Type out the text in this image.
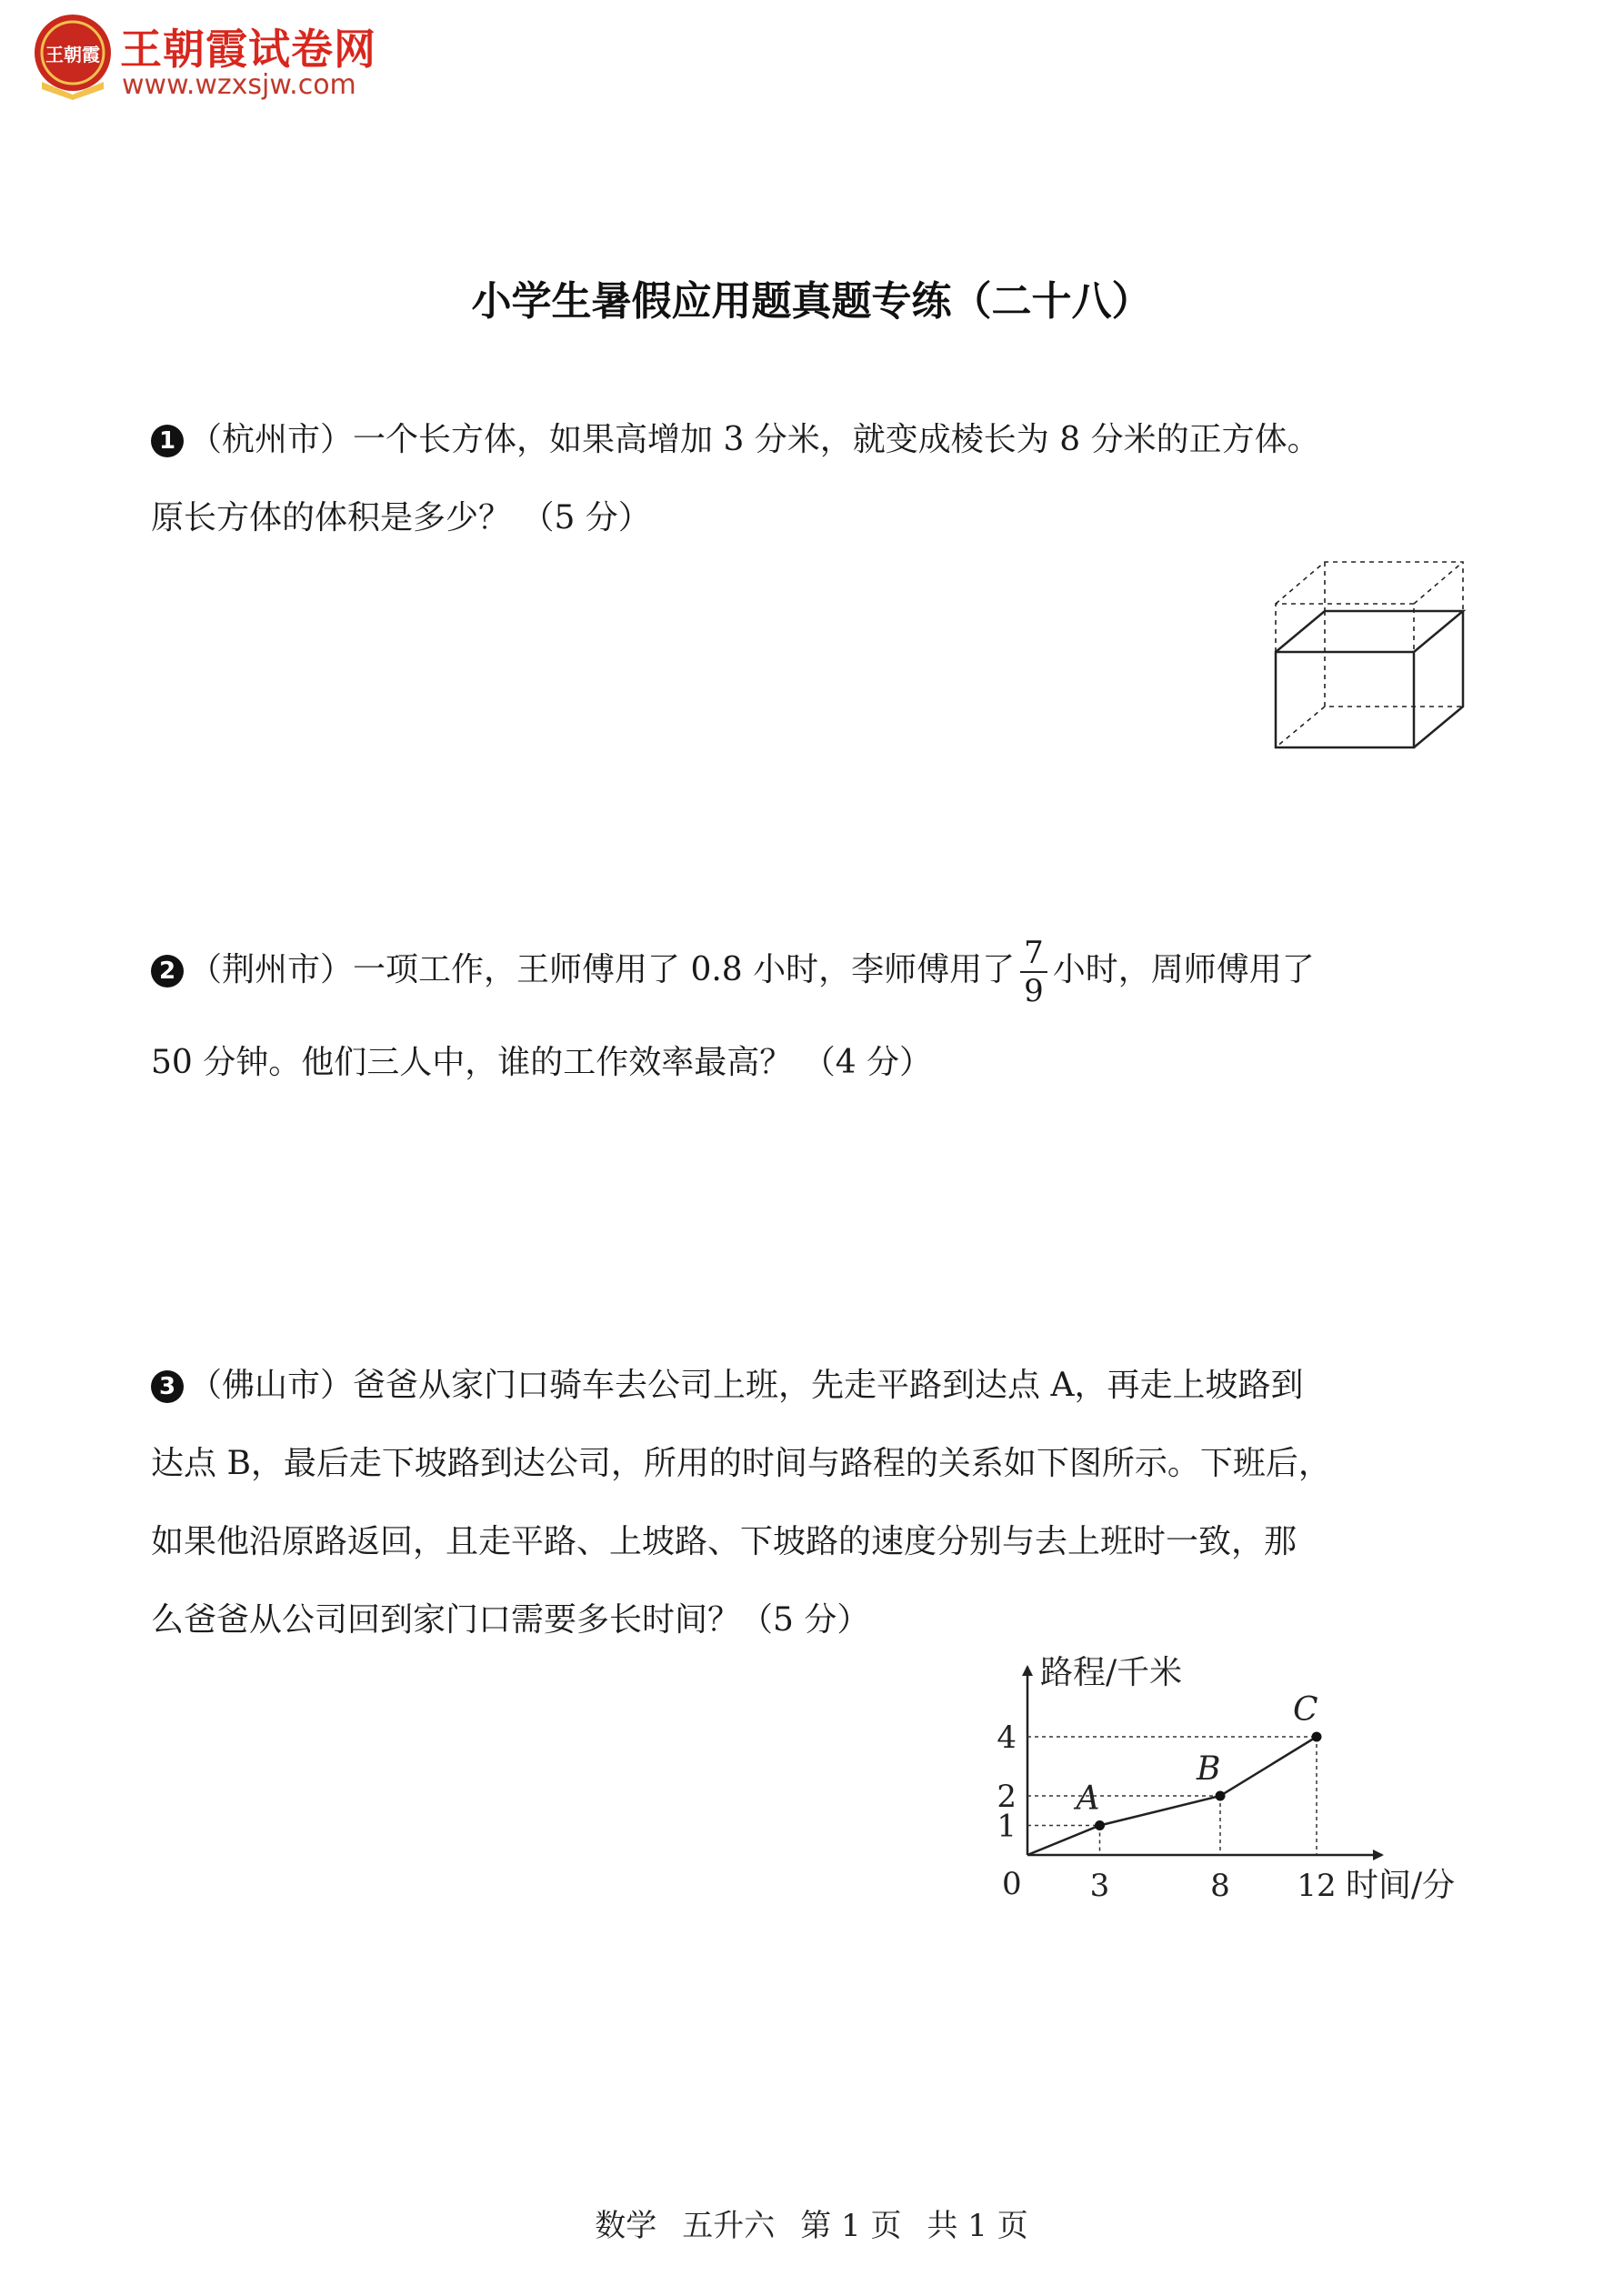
王朝霞 王朝霞试卷网
www.wzxsjw.com
小学生暑假应用题真题专练（二十八）
1 （杭州市）一个长方体，如果高增加 3 分米，就变成棱长为 8 分米的正方体。
原长方体的体积是多少？ （5 分）
2 （荆州市）一项工作，王师傅用了 0.8 小时，李师傅用了 $\frac{7}{9}$ 小时，周师傅用了
50 分钟。他们三人中，谁的工作效率最高？ （4 分）
3 （佛山市）爸爸从家门口骑车去公司上班，先走平路到达点 A，再走上坡路到
达点 B，最后走下坡路到达公司，所用的时间与路程的关系如下图所示。下班后，
如果他沿原路返回，且走平路、上坡路、下坡路的速度分别与去上班时一致，那
么爸爸从公司回到家门口需要多长时间？（5 分）
路程/千米
时间/分
0 3	8 12
1
2
4
A
B
C
数学 五升六 第 1 页 共 1 页
